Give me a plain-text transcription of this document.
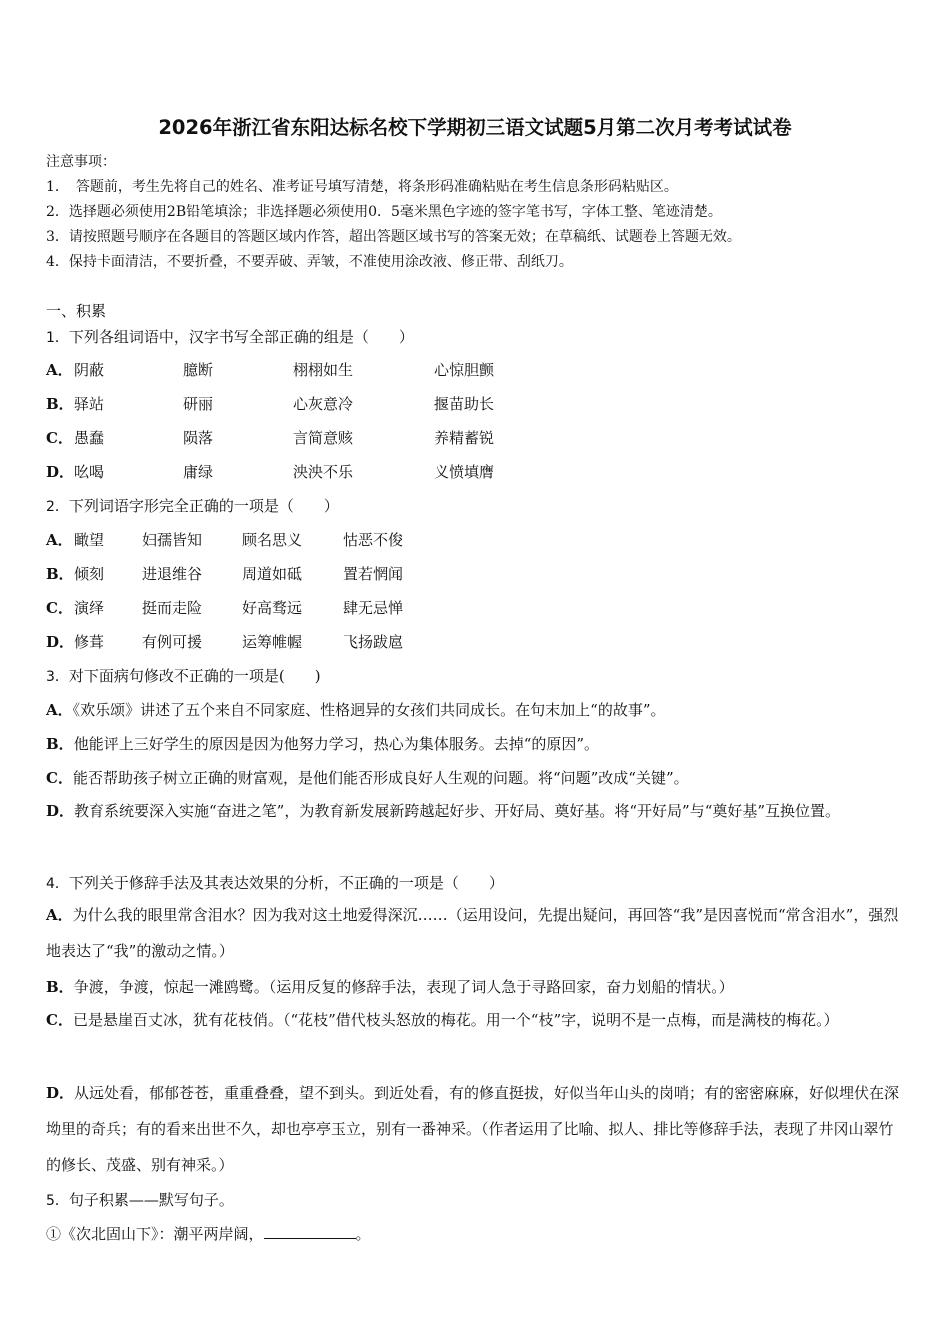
2026年浙江省东阳达标名校下学期初三语文试题5月第二次月考考试试卷
注意事项：
1．　答题前，考生先将自己的姓名、准考证号填写清楚，将条形码准确粘贴在考生信息条形码粘贴区。
2．选择题必须使用2B铅笔填涂；非选择题必须使用0．5毫米黑色字迹的签字笔书写，字体工整、笔迹清楚。
3．请按照题号顺序在各题目的答题区域内作答，超出答题区域书写的答案无效；在草稿纸、试题卷上答题无效。
4．保持卡面清洁，不要折叠，不要弄破、弄皱，不准使用涂改液、修正带、刮纸刀。
一、积累
1．下列各组词语中，汉字书写全部正确的组是（　　）
A． 阴蔽	臆断	栩栩如生	心惊胆颤
B． 驿站	研丽	心灰意冷	揠苗助长
C． 愚蠢	陨落	言简意赅	养精蓄锐
D． 吆喝	庸绿	泱泱不乐	义愤填膺
2．下列词语字形完全正确的一项是（　　）
A． 瞰望	妇孺皆知	顾名思义	怙恶不俊
B． 倾刻	进退维谷	周道如砥	置若惘闻
C． 演绎	挺而走险	好高骛远	肆无忌惮
D． 修葺	有例可援	运筹帷幄	飞扬跋扈
3．对下面病句修改不正确的一项是(　　)
A．《欢乐颂》讲述了五个来自不同家庭、性格迥异的女孩们共同成长。在句末加上“的故事”。
B．他能评上三好学生的原因是因为他努力学习，热心为集体服务。去掉“的原因”。
C．能否帮助孩子树立正确的财富观，是他们能否形成良好人生观的问题。将“问题”改成“关键”。
D．教育系统要深入实施“奋进之笔”，为教育新发展新跨越起好步、开好局、奠好基。将“开好局”与“奠好基”互换位置。
4．下列关于修辞手法及其表达效果的分析，不正确的一项是（　　）
A．为什么我的眼里常含泪水？因为我对这土地爱得深沉……（运用设问，先提出疑问，再回答“我”是因喜悦而“常含泪水”，强烈地表达了“我”的激动之情。）
B．争渡，争渡，惊起一滩鸥鹭。（运用反复的修辞手法，表现了词人急于寻路回家，奋力划船的情状。）
C．已是悬崖百丈冰，犹有花枝俏。（“花枝”借代枝头怒放的梅花。用一个“枝”字，说明不是一点梅，而是满枝的梅花。）
D．从远处看，郁郁苍苍，重重叠叠，望不到头。到近处看，有的修直挺拔，好似当年山头的岗哨；有的密密麻麻，好似埋伏在深坳里的奇兵；有的看来出世不久，却也亭亭玉立，别有一番神采。（作者运用了比喻、拟人、排比等修辞手法，表现了井冈山翠竹的修长、茂盛、别有神采。）
5．句子积累——默写句子。
①《次北固山下》：潮平两岸阔，	。
